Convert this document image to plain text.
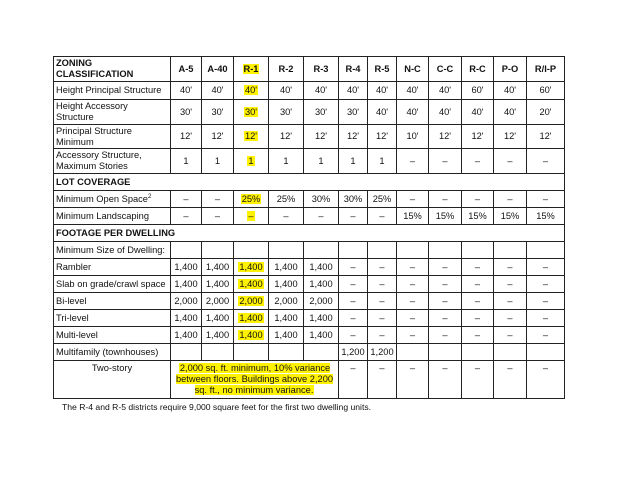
ZONING CLASSIFICATION	A-5	A-40	R-1	R-2	R-3	R-4	R-5	N-C	C-C	R-C	P-O	R/I-P
Height Principal Structure	40'	40'	40'	40'	40'	40'	40'	40'	40'	60'	40'	60'
Height Accessory Structure	30'	30'	30'	30'	30'	30'	40'	40'	40'	40'	40'	20'
Principal Structure Minimum	12'	12'	12'	12'	12'	12'	12'	10'	12'	12'	12'	12'
Accessory Structure, Maximum Stories	1	1	1	1	1	1	1	–	–	–	–	–
LOT COVERAGE												
Minimum Open Space$^2$	–	–	25%	25%	30%	30%	25%	–	–	–	–	–
Minimum Landscaping	–	–	–	–	–	–	–	15%	15%	15%	15%	15%
FOOTAGE PER DWELLING												
Minimum Size of Dwelling:												
Rambler	1,400	1,400	1,400	1,400	1,400	–	–	–	–	–	–	–
Slab on grade/crawl space	1,400	1,400	1,400	1,400	1,400	–	–	–	–	–	–	–
Bi-level	2,000	2,000	2,000	2,000	2,000	–	–	–	–	–	–	–
Tri-level	1,400	1,400	1,400	1,400	1,400	–	–	–	–	–	–	–
Multi-level	1,400	1,400	1,400	1,400	1,400	–	–	–	–	–	–	–
Multifamily (townhouses)						1,200	1,200					
Two-story	2,000 sq. ft. minimum, 10% variance between floors. Buildings above 2,200 sq. ft., no minimum variance.					–	–	–	–	–	–	–

The R-4 and R-5 districts require 9,000 square feet for the first two dwelling units.
